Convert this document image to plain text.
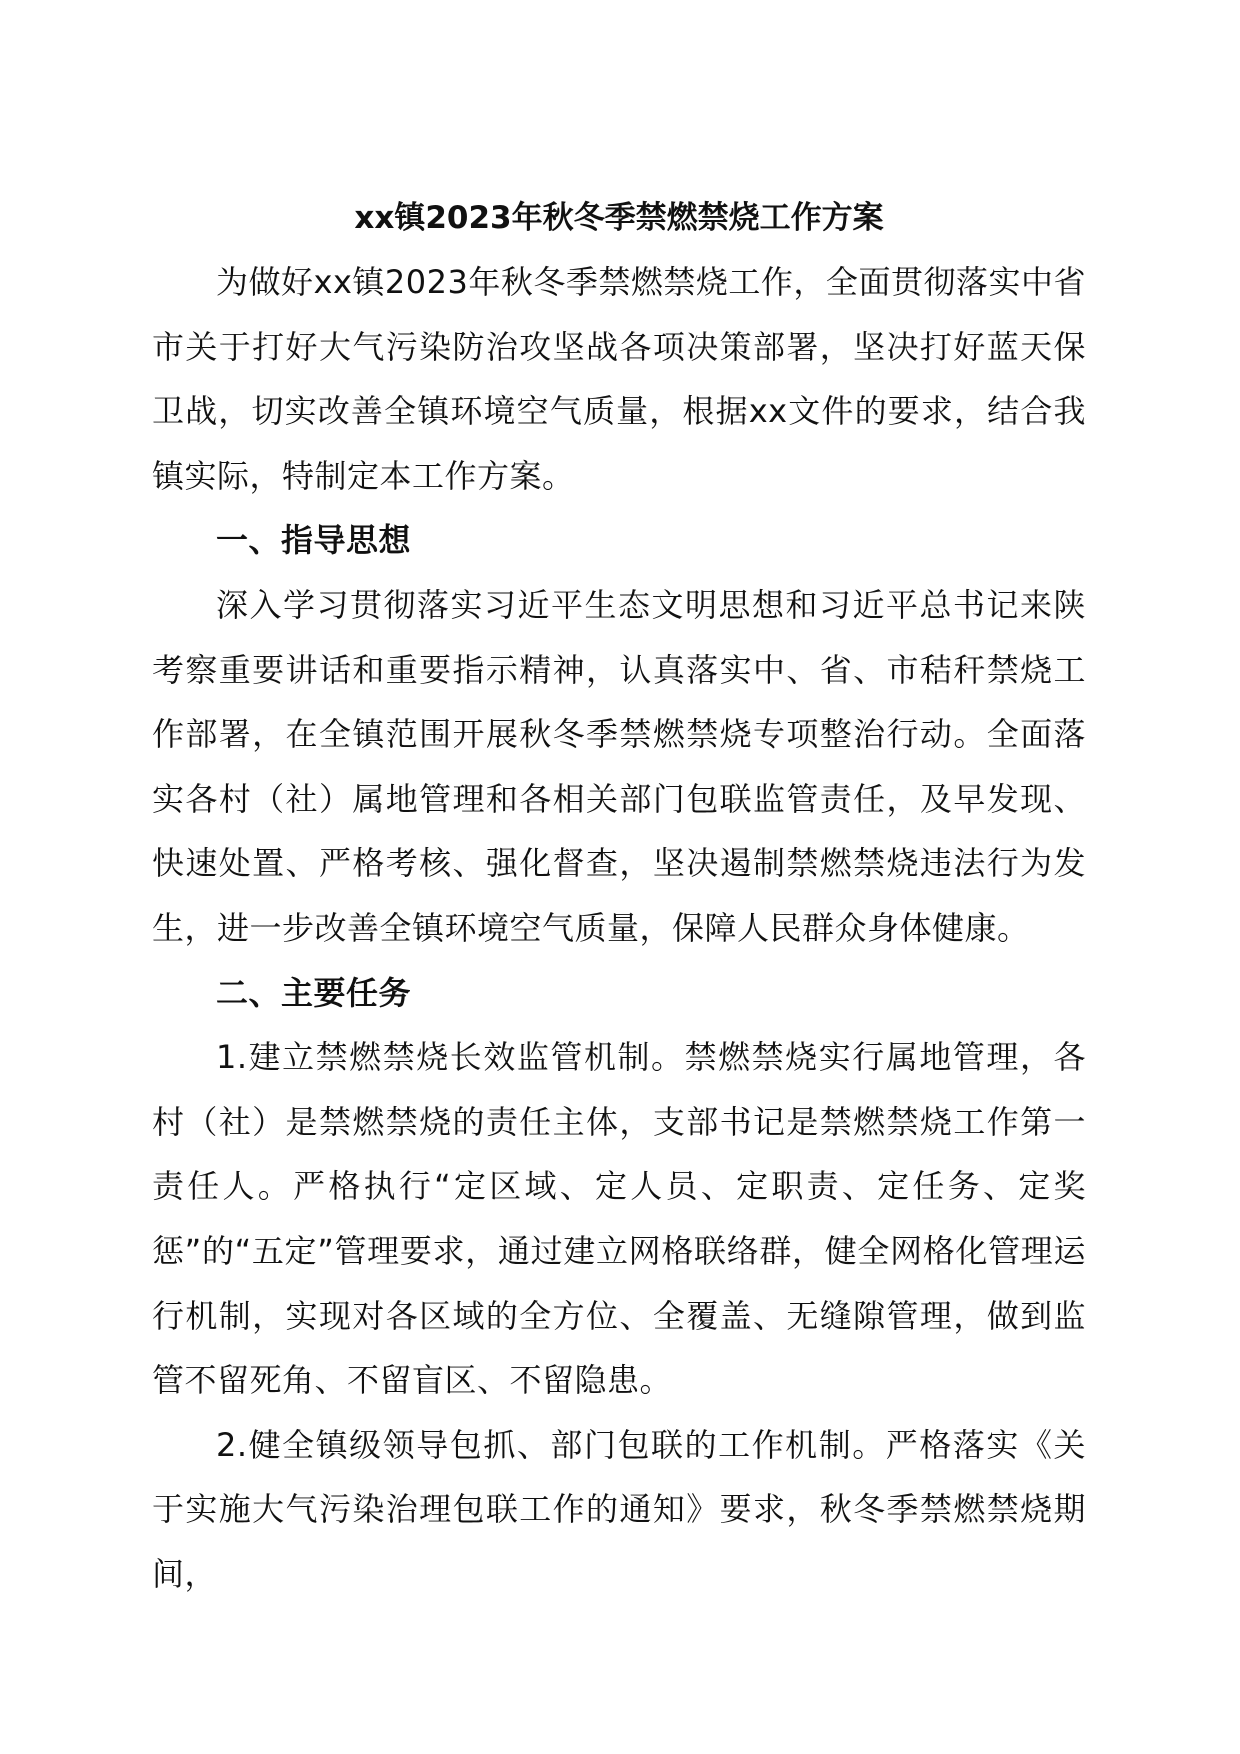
xx镇2023年秋冬季禁燃禁烧工作方案

为做好xx镇2023年秋冬季禁燃禁烧工作，全面贯彻落实中省市关于打好大气污染防治攻坚战各项决策部署，坚决打好蓝天保卫战，切实改善全镇环境空气质量，根据xx文件的要求，结合我镇实际，特制定本工作方案。

一、指导思想

深入学习贯彻落实习近平生态文明思想和习近平总书记来陕考察重要讲话和重要指示精神，认真落实中、省、市秸秆禁烧工作部署，在全镇范围开展秋冬季禁燃禁烧专项整治行动。全面落实各村（社）属地管理和各相关部门包联监管责任，及早发现、快速处置、严格考核、强化督查，坚决遏制禁燃禁烧违法行为发生，进一步改善全镇环境空气质量，保障人民群众身体健康。

二、主要任务

1.建立禁燃禁烧长效监管机制。禁燃禁烧实行属地管理，各村（社）是禁燃禁烧的责任主体，支部书记是禁燃禁烧工作第一责任人。严格执行“定区域、定人员、定职责、定任务、定奖惩”的“五定”管理要求，通过建立网格联络群，健全网格化管理运行机制，实现对各区域的全方位、全覆盖、无缝隙管理，做到监管不留死角、不留盲区、不留隐患。

2.健全镇级领导包抓、部门包联的工作机制。严格落实《关于实施大气污染治理包联工作的通知》要求，秋冬季禁燃禁烧期间，
